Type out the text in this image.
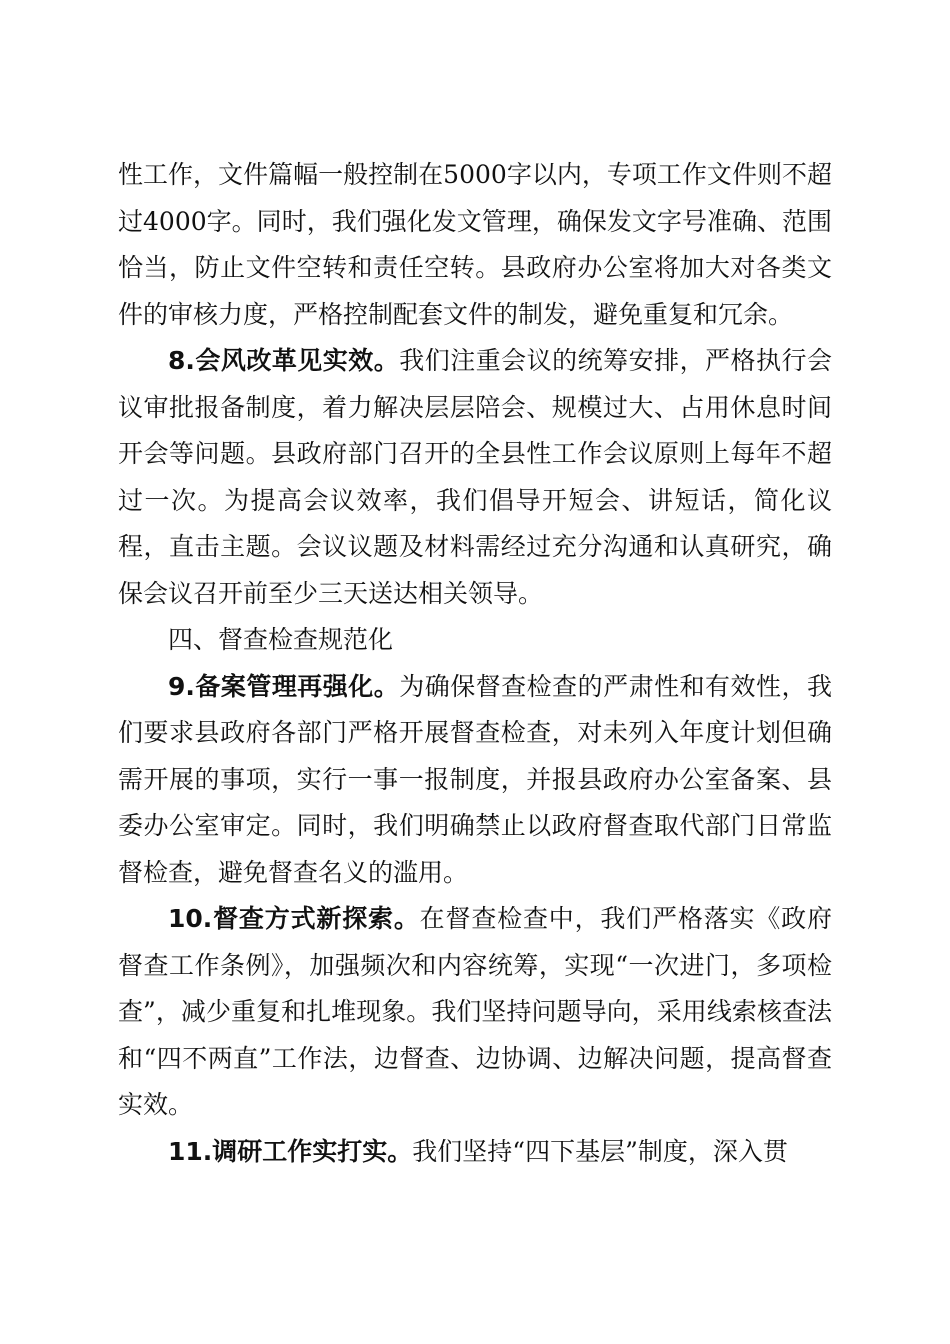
性工作，文件篇幅一般控制在5000字以内，专项工作文件则不超过4000字。同时，我们强化发文管理，确保发文字号准确、范围恰当，防止文件空转和责任空转。县政府办公室将加大对各类文件的审核力度，严格控制配套文件的制发，避免重复和冗余。

8.会风改革见实效。我们注重会议的统筹安排，严格执行会议审批报备制度，着力解决层层陪会、规模过大、占用休息时间开会等问题。县政府部门召开的全县性工作会议原则上每年不超过一次。为提高会议效率，我们倡导开短会、讲短话，简化议程，直击主题。会议议题及材料需经过充分沟通和认真研究，确保会议召开前至少三天送达相关领导。

四、督查检查规范化

9.备案管理再强化。为确保督查检查的严肃性和有效性，我们要求县政府各部门严格开展督查检查，对未列入年度计划但确需开展的事项，实行一事一报制度，并报县政府办公室备案、县委办公室审定。同时，我们明确禁止以政府督查取代部门日常监督检查，避免督查名义的滥用。

10.督查方式新探索。在督查检查中，我们严格落实《政府督查工作条例》，加强频次和内容统筹，实现“一次进门，多项检查”，减少重复和扎堆现象。我们坚持问题导向，采用线索核查法和“四不两直”工作法，边督查、边协调、边解决问题，提高督查实效。

11.调研工作实打实。我们坚持“四下基层”制度，深入贯
